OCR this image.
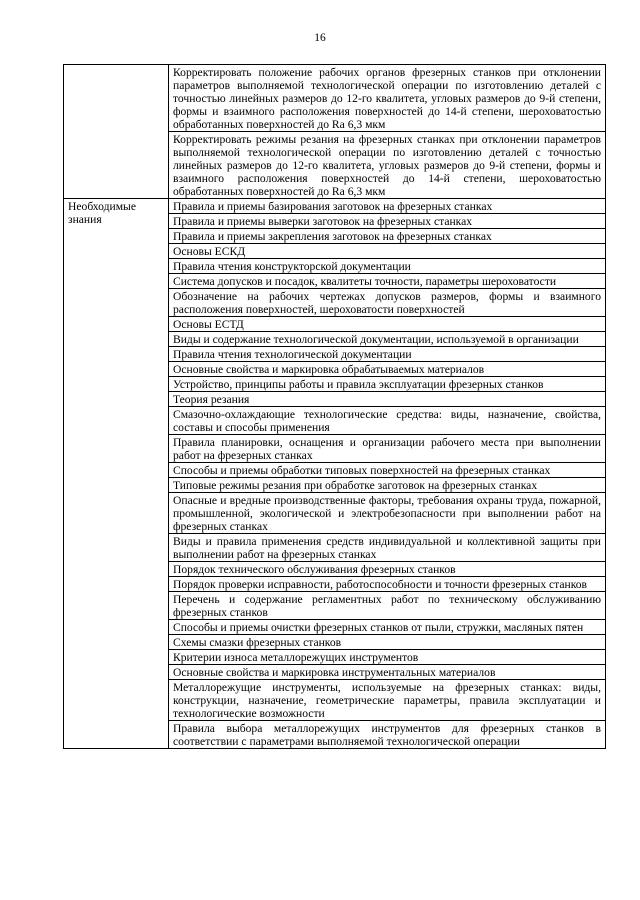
16
	Корректировать положение рабочих органов фрезерных станков при отклонении параметров выполняемой технологической операции по изготовлению деталей с точностью линейных размеров до 12-го квалитета, угловых размеров до 9-й степени, формы и взаимного расположения поверхностей до 14-й степени, шероховатостью обработанных поверхностей до Ra 6,3 мкм
	Корректировать режимы резания на фрезерных станках при отклонении параметров выполняемой технологической операции по изготовлению деталей с точностью линейных размеров до 12-го квалитета, угловых размеров до 9-й степени, формы и взаимного расположения поверхностей до 14-й степени, шероховатостью обработанных поверхностей до Ra 6,3 мкм
Необходимые знания	Правила и приемы базирования заготовок на фрезерных станках
	Правила и приемы выверки заготовок на фрезерных станках
	Правила и приемы закрепления заготовок на фрезерных станках
	Основы ЕСКД
	Правила чтения конструкторской документации
	Система допусков и посадок, квалитеты точности, параметры шероховатости
	Обозначение на рабочих чертежах допусков размеров, формы и взаимного расположения поверхностей, шероховатости поверхностей
	Основы ЕСТД
	Виды и содержание технологической документации, используемой в организации
	Правила чтения технологической документации
	Основные свойства и маркировка обрабатываемых материалов
	Устройство, принципы работы и правила эксплуатации фрезерных станков
	Теория резания
	Смазочно-охлаждающие технологические средства: виды, назначение, свойства, составы и способы применения
	Правила планировки, оснащения и организации рабочего места при выполнении работ на фрезерных станках
	Способы и приемы обработки типовых поверхностей на фрезерных станках
	Типовые режимы резания при обработке заготовок на фрезерных станках
	Опасные и вредные производственные факторы, требования охраны труда, пожарной, промышленной, экологической и электробезопасности при выполнении работ на фрезерных станках
	Виды и правила применения средств индивидуальной и коллективной защиты при выполнении работ на фрезерных станках
	Порядок технического обслуживания фрезерных станков
	Порядок проверки исправности, работоспособности и точности фрезерных станков
	Перечень и содержание регламентных работ по техническому обслуживанию фрезерных станков
	Способы и приемы очистки фрезерных станков от пыли, стружки, масляных пятен
	Схемы смазки фрезерных станков
	Критерии износа металлорежущих инструментов
	Основные свойства и маркировка инструментальных материалов
	Металлорежущие инструменты, используемые на фрезерных станках: виды, конструкции, назначение, геометрические параметры, правила эксплуатации и технологические возможности
	Правила выбора металлорежущих инструментов для фрезерных станков в соответствии с параметрами выполняемой технологической операции
